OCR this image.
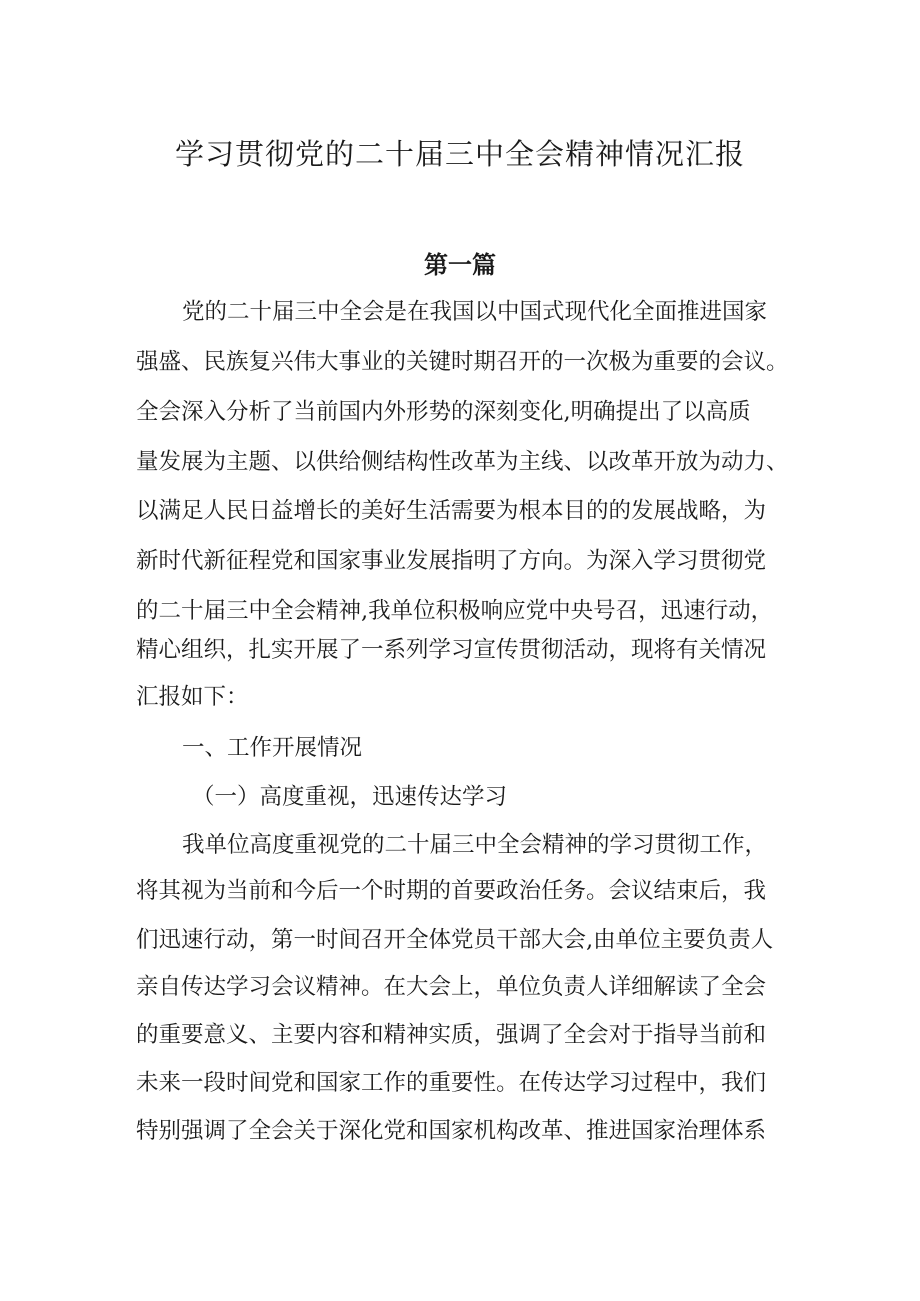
学习贯彻党的二十届三中全会精神情况汇报
第一篇

党的二十届三中全会是在我国以中国式现代化全面推进国家

强盛、民族复兴伟大事业的关键时期召开的一次极为重要的会议。

全会深入分析了当前国内外形势的深刻变化,明确提出了以高质

量发展为主题、以供给侧结构性改革为主线、以改革开放为动力、

以满足人民日益增长的美好生活需要为根本目的的发展战略，为

新时代新征程党和国家事业发展指明了方向。为深入学习贯彻党

的二十届三中全会精神,我单位积极响应党中央号召，迅速行动，

精心组织，扎实开展了一系列学习宣传贯彻活动，现将有关情况

汇报如下：

一、工作开展情况

（一）高度重视，迅速传达学习

我单位高度重视党的二十届三中全会精神的学习贯彻工作，

将其视为当前和今后一个时期的首要政治任务。会议结束后，我

们迅速行动，第一时间召开全体党员干部大会,由单位主要负责人

亲自传达学习会议精神。在大会上，单位负责人详细解读了全会

的重要意义、主要内容和精神实质，强调了全会对于指导当前和

未来一段时间党和国家工作的重要性。在传达学习过程中，我们

特别强调了全会关于深化党和国家机构改革、推进国家治理体系
